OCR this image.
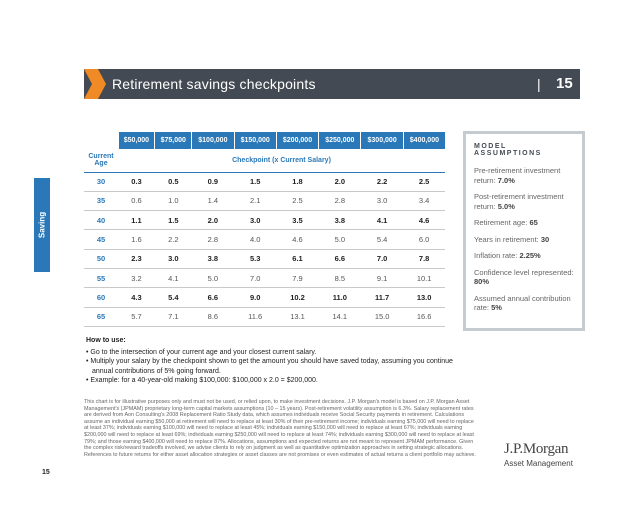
Retirement savings checkpoints	| 15
Saving
	$50,000	$75,000	$100,000	$150,000	$200,000	$250,000	$300,000	$400,000
Current Age	Checkpoint (x Current Salary)							
30	0.3	0.5	0.9	1.5	1.8	2.0	2.2	2.5
35	0.6	1.0	1.4	2.1	2.5	2.8	3.0	3.4
40	1.1	1.5	2.0	3.0	3.5	3.8	4.1	4.6
45	1.6	2.2	2.8	4.0	4.6	5.0	5.4	6.0
50	2.3	3.0	3.8	5.3	6.1	6.6	7.0	7.8
55	3.2	4.1	5.0	7.0	7.9	8.5	9.1	10.1
60	4.3	5.4	6.6	9.0	10.2	11.0	11.7	13.0
65	5.7	7.1	8.6	11.6	13.1	14.1	15.0	16.6
MODEL ASSUMPTIONS
Pre-retirement investment return: 7.0%
Post-retirement investment return: 5.0%
Retirement age: 65
Years in retirement: 30
Inflation rate: 2.25%
Confidence level represented: 80%
Assumed annual contribution rate: 5%
How to use:
• Go to the intersection of your current age and your closest current salary.
• Multiply your salary by the checkpoint shown to get the amount you should have saved today, assuming you continue annual contributions of 5% going forward.
• Example: for a 40-year-old making $100,000: $100,000 x 2.0 = $200,000.
This chart is for illustrative purposes only and must not be used, or relied upon, to make investment decisions. J.P. Morgan's model is based on J.P. Morgan Asset Management's (JPMAM) proprietary long-term capital markets assumptions (10 – 15 years). Post-retirement volatility assumption is 6.3%. Salary replacement rates are derived from Aon Consulting's 2008 Replacement Ratio Study data, which assumes individuals receive Social Security payments in retirement. Calculations assume an individual earning $50,000 at retirement will need to replace at least 30% of their pre-retirement income; individuals earning $75,000 will need to replace at least 37%; individuals earning $100,000 will need to replace at least 45%; individuals earning $150,000 will need to replace at least 67%; individuals earning $200,000 will need to replace at least 69%; individuals earning $250,000 will need to replace at least 74%; individuals earning $300,000 will need to replace at least 79%; and those earning $400,000 will need to replace 87%. Allocations, assumptions and expected returns are not meant to represent JPMAM performance. Given the complex risk/reward tradeoffs involved, we advise clients to rely on judgment as well as quantitative optimization approaches in setting strategic allocations. References to future returns for either asset allocation strategies or asset classes are not promises or even estimates of actual returns a client portfolio may achieve. J.P.Morgan
Asset Management
15
